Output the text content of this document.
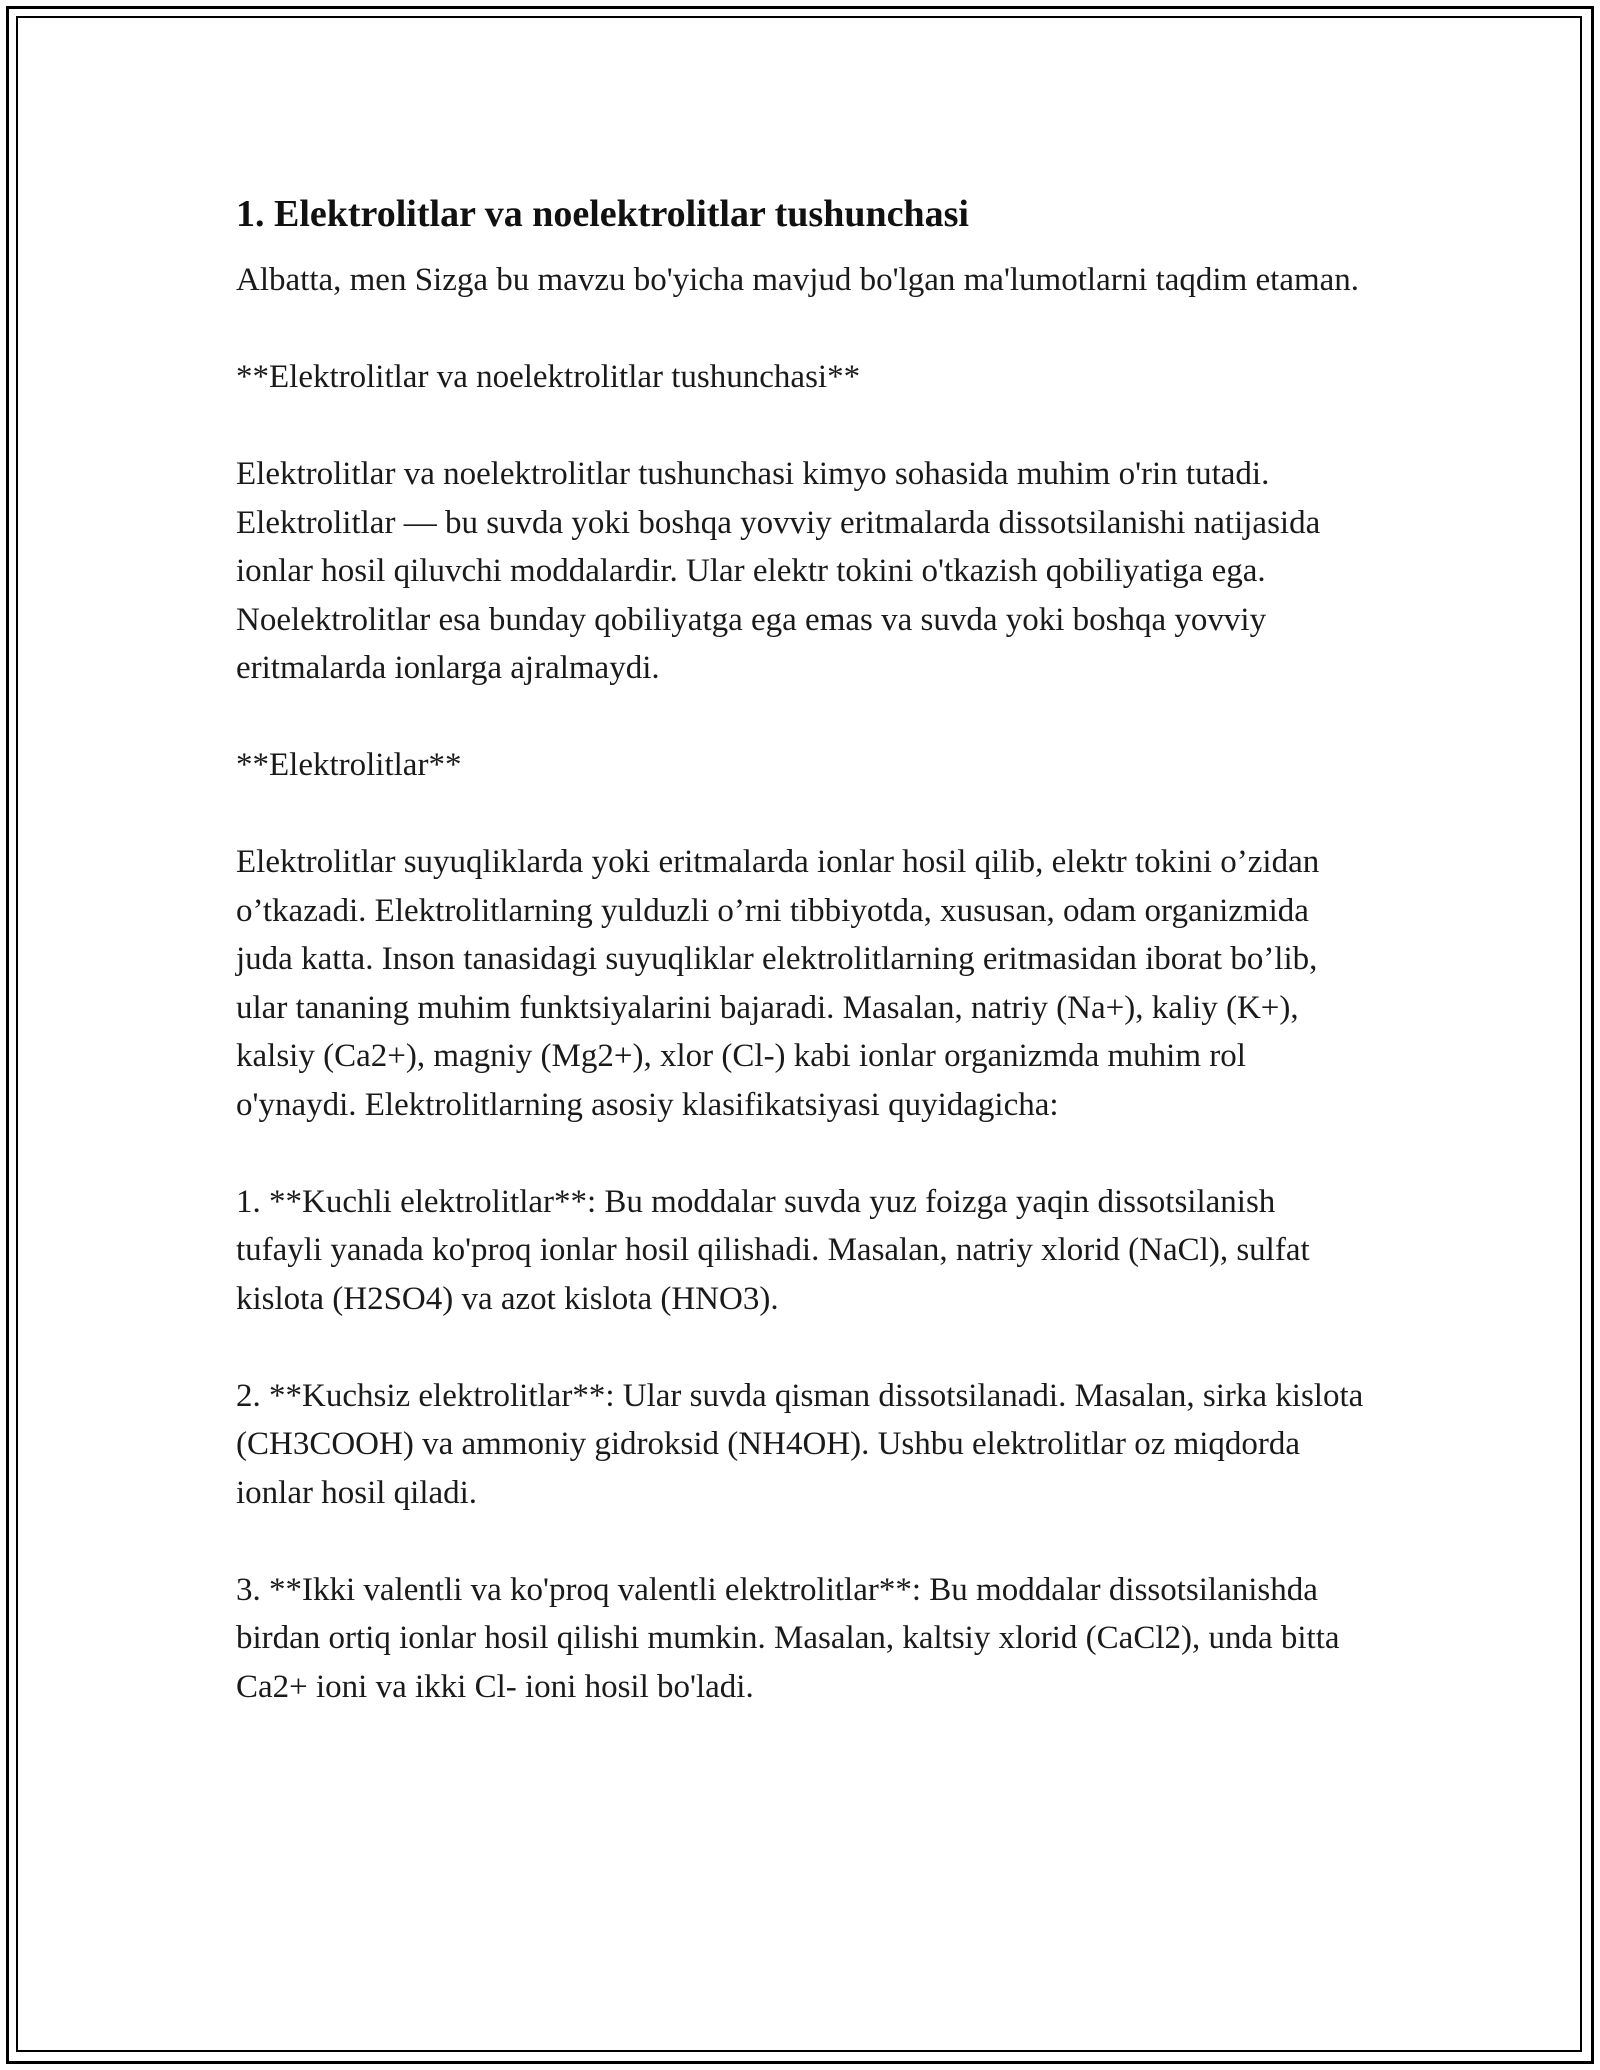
1. Elektrolitlar va noelektrolitlar tushunchasi

Albatta, men Sizga bu mavzu bo'yicha mavjud bo'lgan ma'lumotlarni taqdim etaman.

**Elektrolitlar va noelektrolitlar tushunchasi**

Elektrolitlar va noelektrolitlar tushunchasi kimyo sohasida muhim o'rin tutadi. Elektrolitlar — bu suvda yoki boshqa yovviy eritmalarda dissotsilanishi natijasida ionlar hosil qiluvchi moddalardir. Ular elektr tokini o'tkazish qobiliyatiga ega. Noelektrolitlar esa bunday qobiliyatga ega emas va suvda yoki boshqa yovviy eritmalarda ionlarga ajralmaydi.

**Elektrolitlar**

Elektrolitlar suyuqliklarda yoki eritmalarda ionlar hosil qilib, elektr tokini o’zidan o’tkazadi. Elektrolitlarning yulduzli o’rni tibbiyotda, xususan, odam organizmida juda katta. Inson tanasidagi suyuqliklar elektrolitlarning eritmasidan iborat bo’lib, ular tananing muhim funktsiyalarini bajaradi. Masalan, natriy (Na+), kaliy (K+), kalsiy (Ca2+), magniy (Mg2+), xlor (Cl-) kabi ionlar organizmda muhim rol o'ynaydi. Elektrolitlarning asosiy klasifikatsiyasi quyidagicha:

1. **Kuchli elektrolitlar**: Bu moddalar suvda yuz foizga yaqin dissotsilanish tufayli yanada ko'proq ionlar hosil qilishadi. Masalan, natriy xlorid (NaCl), sulfat kislota (H2SO4) va azot kislota (HNO3).

2. **Kuchsiz elektrolitlar**: Ular suvda qisman dissotsilanadi. Masalan, sirka kislota (CH3COOH) va ammoniy gidroksid (NH4OH). Ushbu elektrolitlar oz miqdorda ionlar hosil qiladi.

3. **Ikki valentli va ko'proq valentli elektrolitlar**: Bu moddalar dissotsilanishda birdan ortiq ionlar hosil qilishi mumkin. Masalan, kaltsiy xlorid (CaCl2), unda bitta Ca2+ ioni va ikki Cl- ioni hosil bo'ladi.
